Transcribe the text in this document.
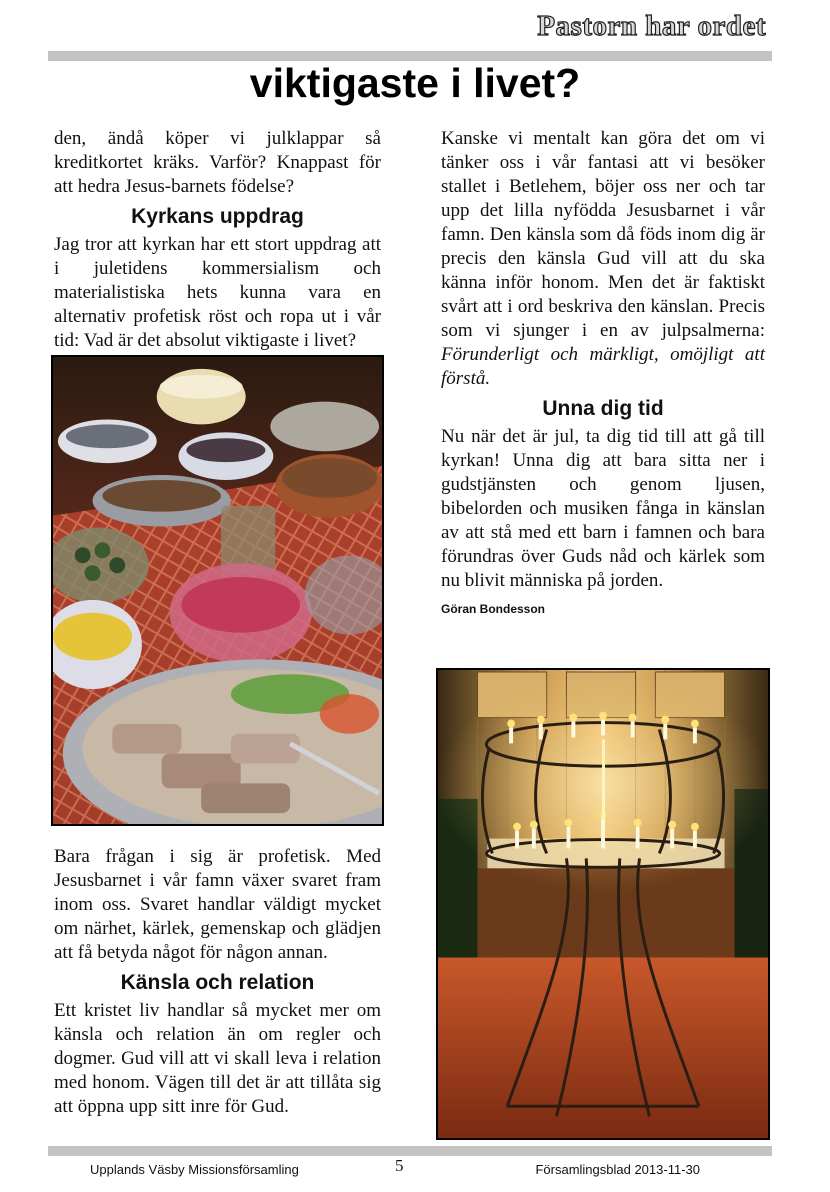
Pastorn har ordet
viktigaste i livet?

den, ändå köper vi julklappar så kreditkortet kräks. Varför? Knappast för att hedra Jesus-barnets födelse?

Kyrkans uppdrag

Jag tror att kyrkan har ett stort uppdrag att i juletidens kommersialism och materialistiska hets kunna vara en alternativ profetisk röst och ropa ut i vår tid: Vad är det absolut viktigaste i livet?

Bara frågan i sig är profetisk. Med Jesusbarnet i vår famn växer svaret fram inom oss. Svaret handlar väldigt mycket om närhet, kärlek, gemenskap och glädjen att få betyda något för någon annan.

Känsla och relation

Ett kristet liv handlar så mycket mer om känsla och relation än om regler och dogmer. Gud vill att vi skall leva i relation med honom. Vägen till det är att tillåta sig att öppna upp sitt inre för Gud.

Kanske vi mentalt kan göra det om vi tänker oss i vår fantasi att vi besöker stallet i Betlehem, böjer oss ner och tar upp det lilla nyfödda Jesusbarnet i vår famn. Den känsla som då föds inom dig är precis den känsla Gud vill att du ska känna inför honom. Men det är faktiskt svårt att i ord beskriva den känslan. Precis som vi sjunger i en av julpsalmerna: Förunderligt och märkligt, omöjligt att förstå.

Unna dig tid

Nu när det är jul, ta dig tid till att gå till kyrkan! Unna dig att bara sitta ner i gudstjänsten och genom ljusen, bibelorden och musiken fånga in känslan av att stå med ett barn i famnen och bara förundras över Guds nåd och kärlek som nu blivit människa på jorden.

Göran Bondesson
Upplands Väsby Missionsförsamling	5	Församlingsblad 2013-11-30
